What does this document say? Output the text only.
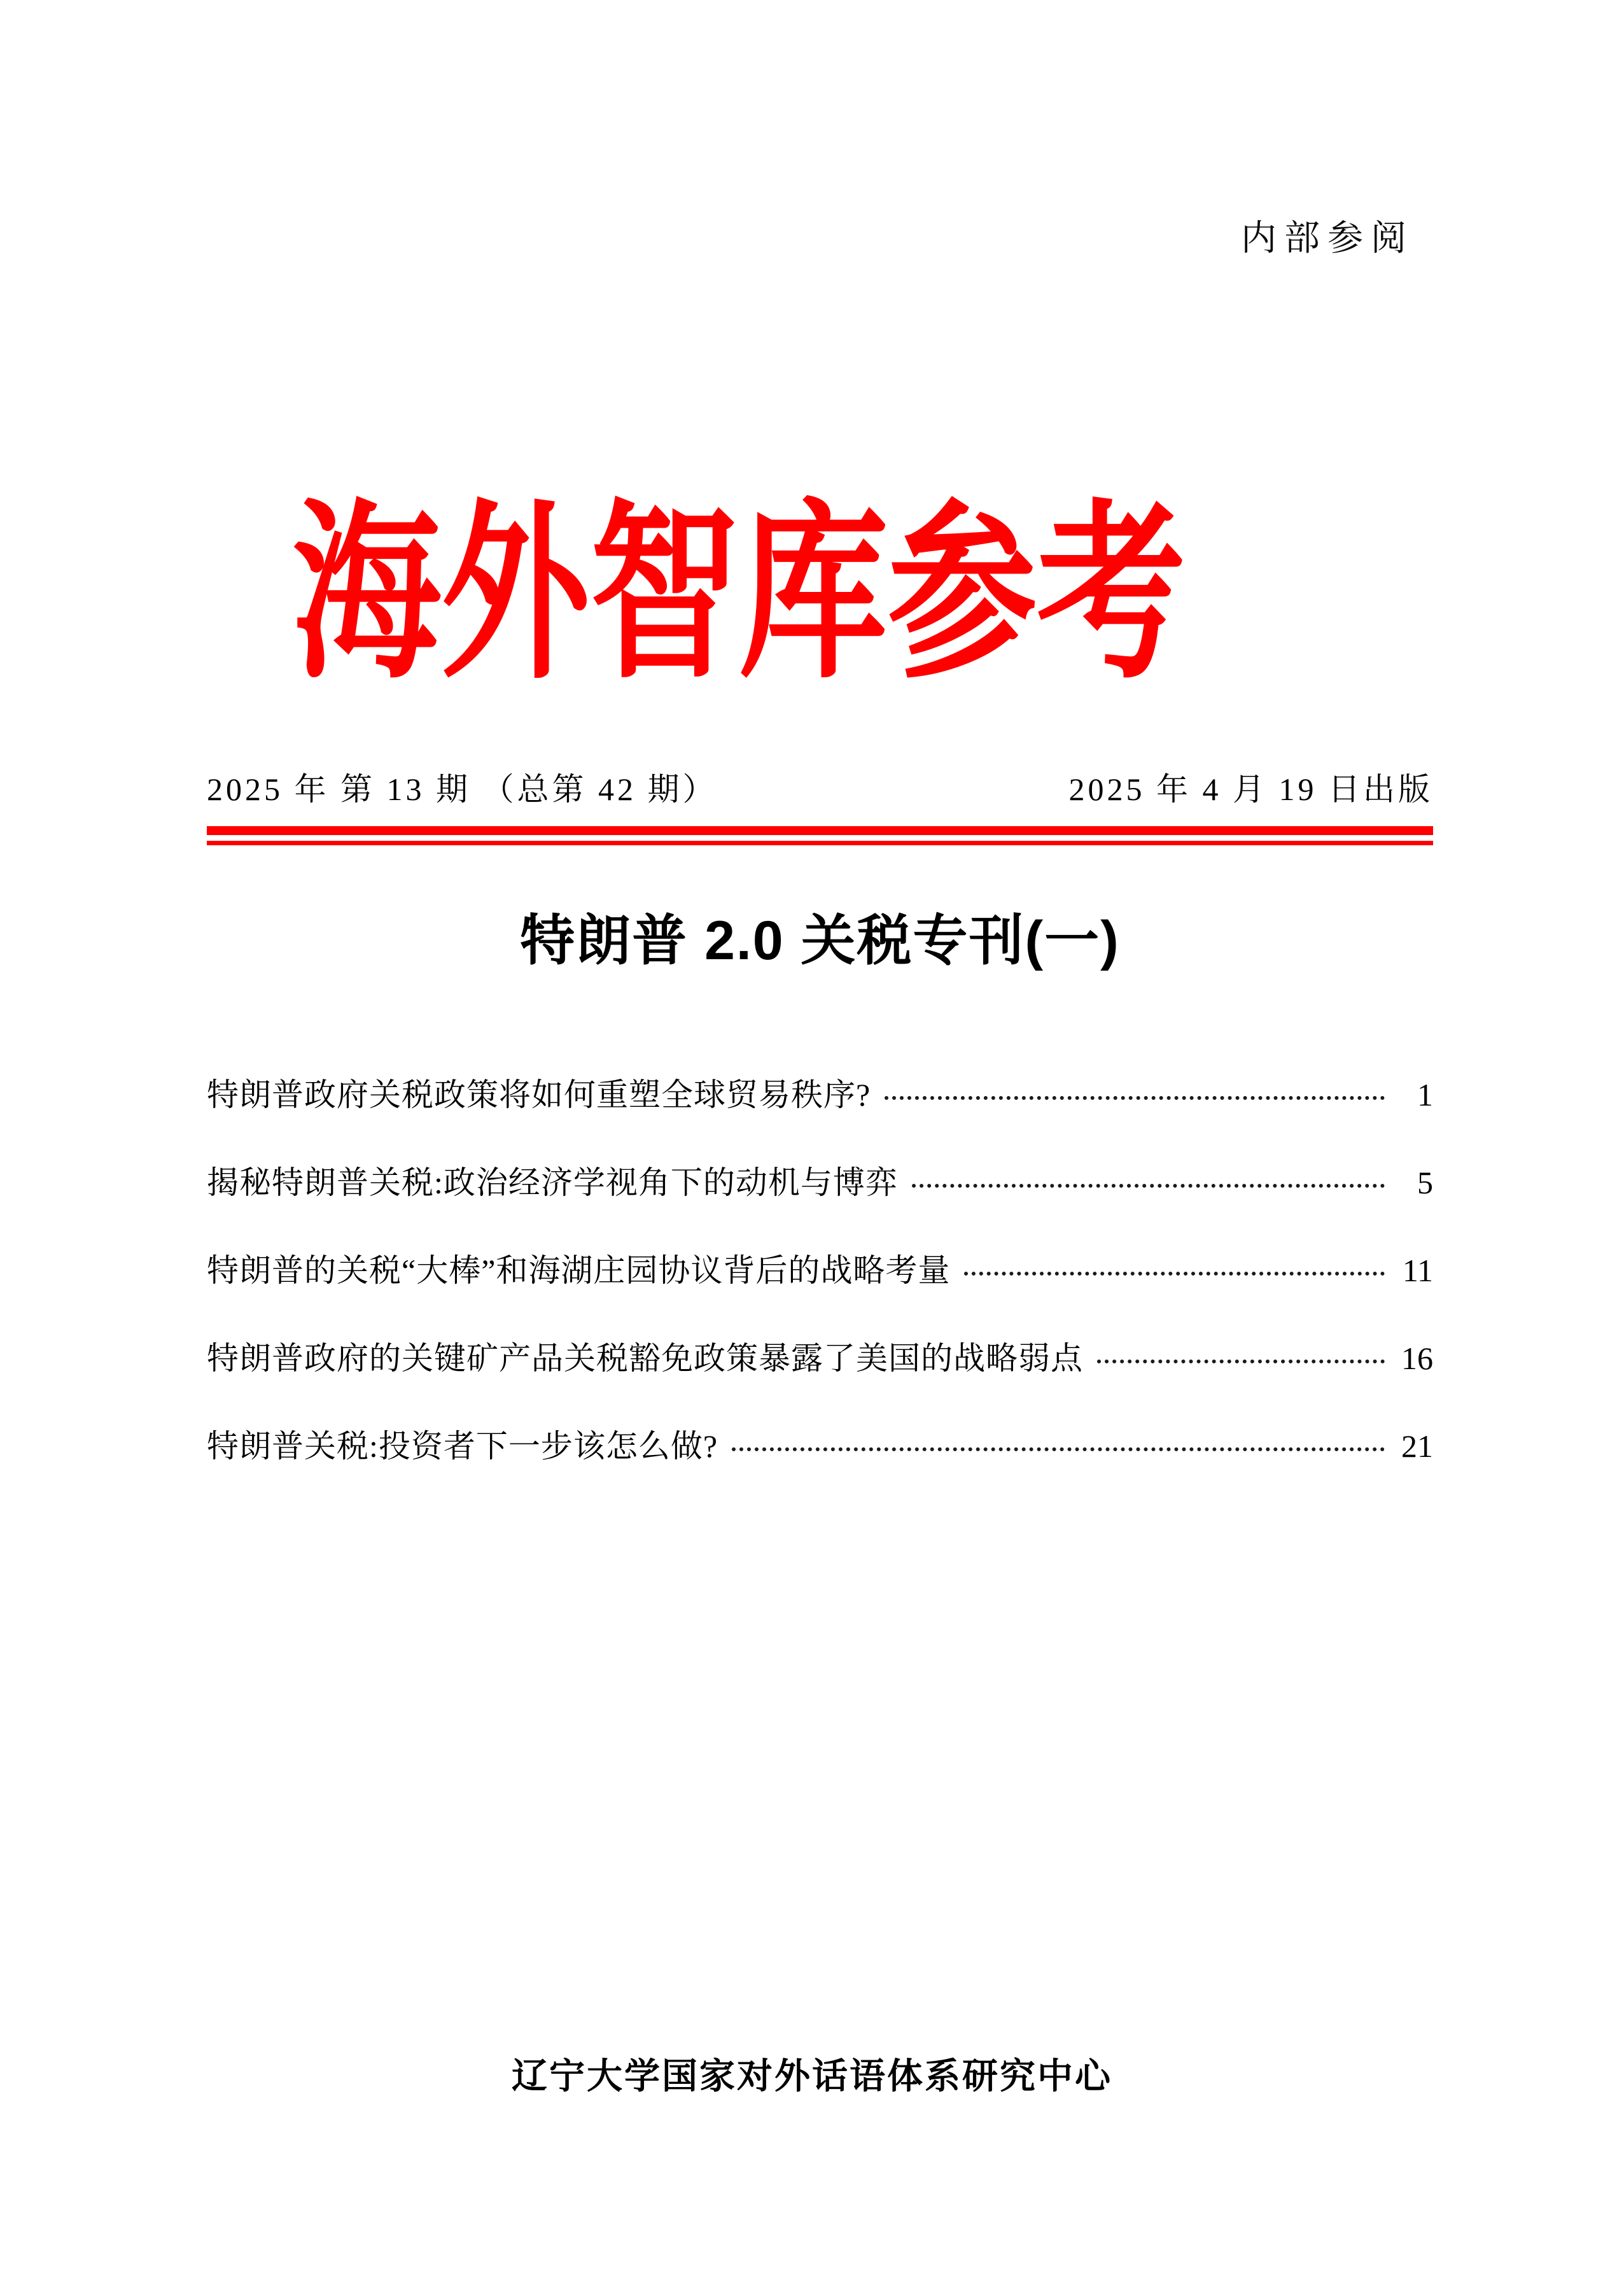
内部参阅
海外智库参考
2025 年 第 13 期 （总第 42 期）	2025 年 4 月 19 日出版
特朗普 2.0 关税专刊(一)
特朗普政府关税政策将如何重塑全球贸易秩序?	1
揭秘特朗普关税:政治经济学视角下的动机与博弈	5
特朗普的关税“大棒”和海湖庄园协议背后的战略考量	11
特朗普政府的关键矿产品关税豁免政策暴露了美国的战略弱点	16
特朗普关税:投资者下一步该怎么做?	21
辽宁大学国家对外话语体系研究中心
